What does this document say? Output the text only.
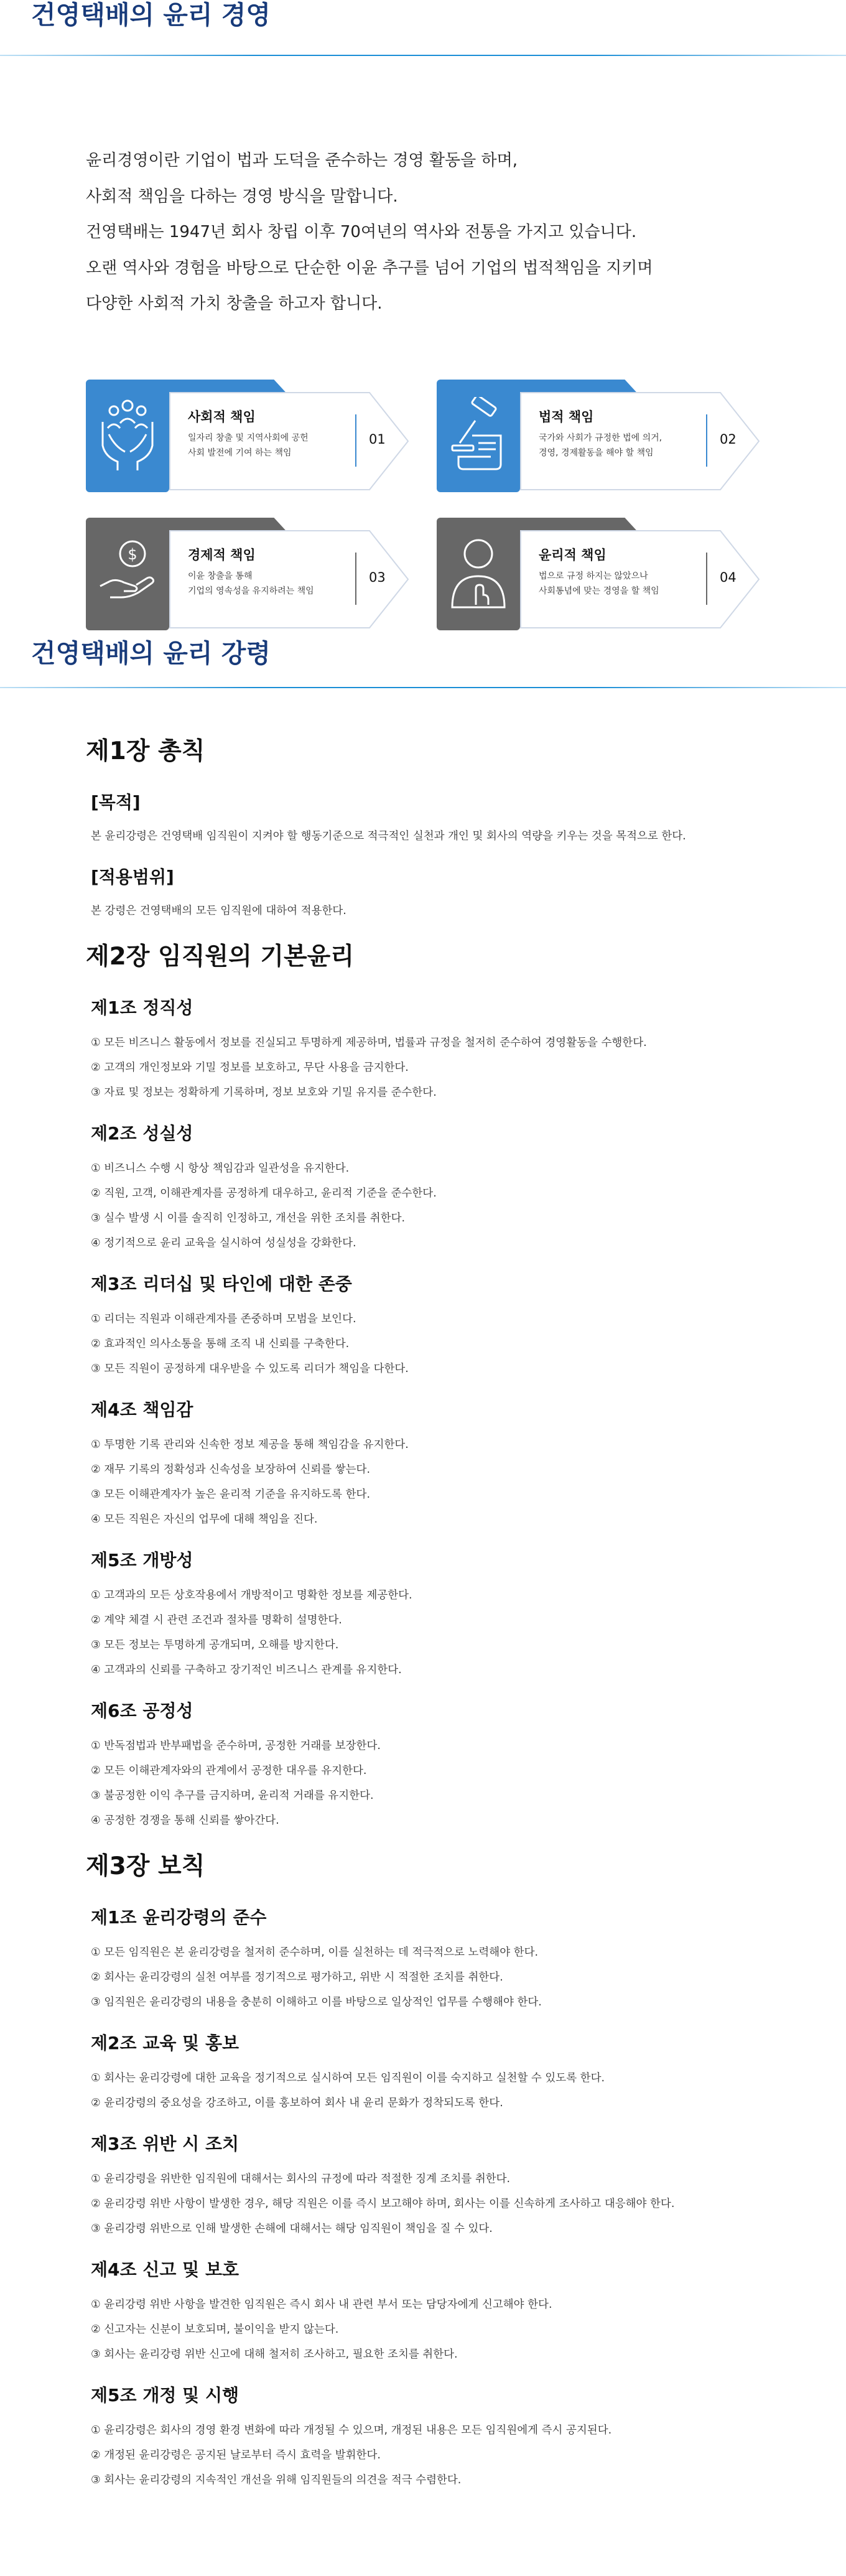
건영택배의 윤리 경영

윤리경영이란 기업이 법과 도덕을 준수하는 경영 활동을 하며,

사회적 책임을 다하는 경영 방식을 말합니다.

건영택배는 1947년 회사 창립 이후 70여년의 역사와 전통을 가지고 있습니다.

오랜 역사와 경험을 바탕으로 단순한 이윤 추구를 넘어 기업의 법적책임을 지키며

다양한 사회적 가치 창출을 하고자 합니다.

사회적 책임
일자리 창출 및 지역사회에 공헌
사회 발전에 기여 하는 책임
01
법적 책임
국가와 사회가 규정한 법에 의거,
경영, 경제활동을 해야 할 책임
02
$	경제적 책임
이윤 창출을 통해
기업의 영속성을 유지하려는 책임
03
윤리적 책임
법으로 규정 하지는 않았으나
사회통념에 맞는 경영을 할 책임
04
건영택배의 윤리 강령
제1장 총칙
[목적]

본 윤리강령은 건영택배 임직원이 지켜야 할 행동기준으로 적극적인 실천과 개인 및 회사의 역량을 키우는 것을 목적으로 한다.

[적용범위]

본 강령은 건영택배의 모든 임직원에 대하여 적용한다.

제2장 임직원의 기본윤리
제1조 정직성

① 모든 비즈니스 활동에서 정보를 진실되고 투명하게 제공하며, 법률과 규정을 철저히 준수하여 경영활동을 수행한다.

② 고객의 개인정보와 기밀 정보를 보호하고, 무단 사용을 금지한다.

③ 자료 및 정보는 정확하게 기록하며, 정보 보호와 기밀 유지를 준수한다.

제2조 성실성

① 비즈니스 수행 시 항상 책임감과 일관성을 유지한다.

② 직원, 고객, 이해관계자를 공정하게 대우하고, 윤리적 기준을 준수한다.

③ 실수 발생 시 이를 솔직히 인정하고, 개선을 위한 조치를 취한다.

④ 정기적으로 윤리 교육을 실시하여 성실성을 강화한다.

제3조 리더십 및 타인에 대한 존중

① 리더는 직원과 이해관계자를 존중하며 모범을 보인다.

② 효과적인 의사소통을 통해 조직 내 신뢰를 구축한다.

③ 모든 직원이 공정하게 대우받을 수 있도록 리더가 책임을 다한다.

제4조 책임감

① 투명한 기록 관리와 신속한 정보 제공을 통해 책임감을 유지한다.

② 재무 기록의 정확성과 신속성을 보장하여 신뢰를 쌓는다.

③ 모든 이해관계자가 높은 윤리적 기준을 유지하도록 한다.

④ 모든 직원은 자신의 업무에 대해 책임을 진다.

제5조 개방성

① 고객과의 모든 상호작용에서 개방적이고 명확한 정보를 제공한다.

② 계약 체결 시 관련 조건과 절차를 명확히 설명한다.

③ 모든 정보는 투명하게 공개되며, 오해를 방지한다.

④ 고객과의 신뢰를 구축하고 장기적인 비즈니스 관계를 유지한다.

제6조 공정성

① 반독점법과 반부패법을 준수하며, 공정한 거래를 보장한다.

② 모든 이해관계자와의 관계에서 공정한 대우를 유지한다.

③ 불공정한 이익 추구를 금지하며, 윤리적 거래를 유지한다.

④ 공정한 경쟁을 통해 신뢰를 쌓아간다.

제3장 보칙
제1조 윤리강령의 준수

① 모든 임직원은 본 윤리강령을 철저히 준수하며, 이를 실천하는 데 적극적으로 노력해야 한다.

② 회사는 윤리강령의 실천 여부를 정기적으로 평가하고, 위반 시 적절한 조치를 취한다.

③ 임직원은 윤리강령의 내용을 충분히 이해하고 이를 바탕으로 일상적인 업무를 수행해야 한다.

제2조 교육 및 홍보

① 회사는 윤리강령에 대한 교육을 정기적으로 실시하여 모든 임직원이 이를 숙지하고 실천할 수 있도록 한다.

② 윤리강령의 중요성을 강조하고, 이를 홍보하여 회사 내 윤리 문화가 정착되도록 한다.

제3조 위반 시 조치

① 윤리강령을 위반한 임직원에 대해서는 회사의 규정에 따라 적절한 징계 조치를 취한다.

② 윤리강령 위반 사항이 발생한 경우, 해당 직원은 이를 즉시 보고해야 하며, 회사는 이를 신속하게 조사하고 대응해야 한다.

③ 윤리강령 위반으로 인해 발생한 손해에 대해서는 해당 임직원이 책임을 질 수 있다.

제4조 신고 및 보호

① 윤리강령 위반 사항을 발견한 임직원은 즉시 회사 내 관련 부서 또는 담당자에게 신고해야 한다.

② 신고자는 신분이 보호되며, 불이익을 받지 않는다.

③ 회사는 윤리강령 위반 신고에 대해 철저히 조사하고, 필요한 조치를 취한다.

제5조 개정 및 시행

① 윤리강령은 회사의 경영 환경 변화에 따라 개정될 수 있으며, 개정된 내용은 모든 임직원에게 즉시 공지된다.

② 개정된 윤리강령은 공지된 날로부터 즉시 효력을 발휘한다.

③ 회사는 윤리강령의 지속적인 개선을 위해 임직원들의 의견을 적극 수렴한다.
